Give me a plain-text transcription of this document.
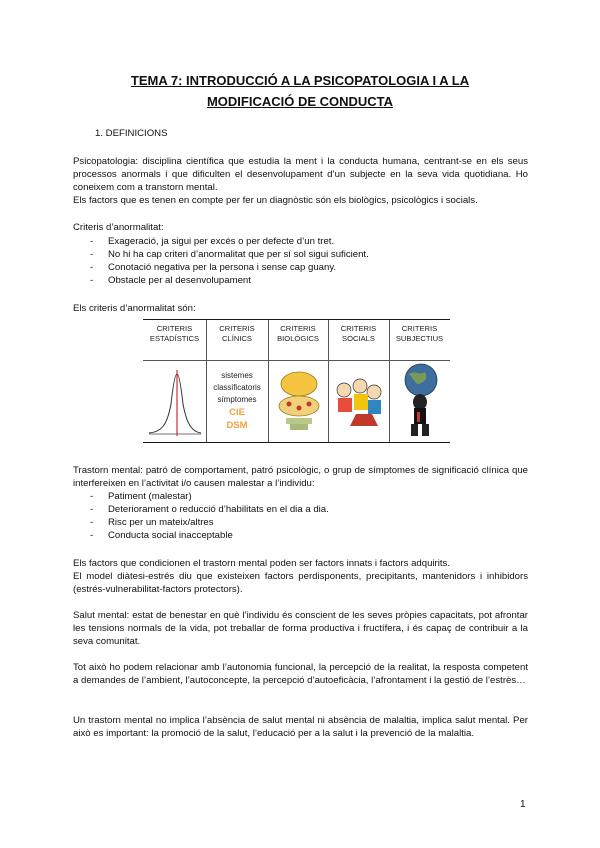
TEMA 7: INTRODUCCIÓ A LA PSICOPATOLOGIA I A LA
MODIFICACIÓ DE CONDUCTA
1. DEFINICIONS
Psicopatologia: disciplina científica que estudia la ment i la conducta humana, centrant-se en els seus processos anormals i que dificulten el desenvolupament d’un subjecte en la seva vida quotidiana. Ho coneixem com a transtorn mental.
Els factors que es tenen en compte per fer un diagnòstic són els biològics, psicològics i socials.
Criteris d’anormalitat:
- Exageració, ja sigui per excés o per defecte d’un tret.
- No hi ha cap criteri d’anormalitat que per sí sol sigui suficient.
- Conotació negativa per la persona i sense cap guany.
- Obstacle per al desenvolupament
Els criteris d’anormalitat són:
CRITERIS
ESTADÍSTICS
CRITERIS
CLÍNICS
sistemes
classificatoris
símptomes
CIE
DSM
CRITERIS
BIOLÒGICS
CRITERIS
SOCIALS
CRITERIS
SUBJECTIUS
Trastorn mental: patró de comportament, patró psicològic, o grup de símptomes de significació clínica que interfereixen en l’activitat i/o causen malestar a l’individu:
- Patiment (malestar)
- Deteriorament o reducció d’habilitats en el dia a dia.
- Risc per un mateix/altres
- Conducta social inacceptable
Els factors que condicionen el trastorn mental poden ser factors innats i factors adquirits.
El model diàtesi-estrés diu que existeixen factors perdisponents, precipitants, mantenidors i inhibidors (estrés-vulnerabilitat-factors protectors).
Salut mental: estat de benestar en què l’individu és conscient de les seves pròpies capacitats, pot afrontar les tensions normals de la vida, pot treballar de forma productiva i fructífera, i és capaç de contribuir a la seva comunitat.
Tot això ho podem relacionar amb l’autonomia funcional, la percepció de la realitat, la resposta competent a demandes de l’ambient, l’autoconcepte, la percepció d’autoeficàcia, l’afrontament i la gestió de l’estrès…
Un trastorn mental no implica l’absència de salut mental ni absència de malaltia, implica salut mental. Per això es important: la promoció de la salut, l’educació per a la salut i la prevenció de la malaltia.
1
